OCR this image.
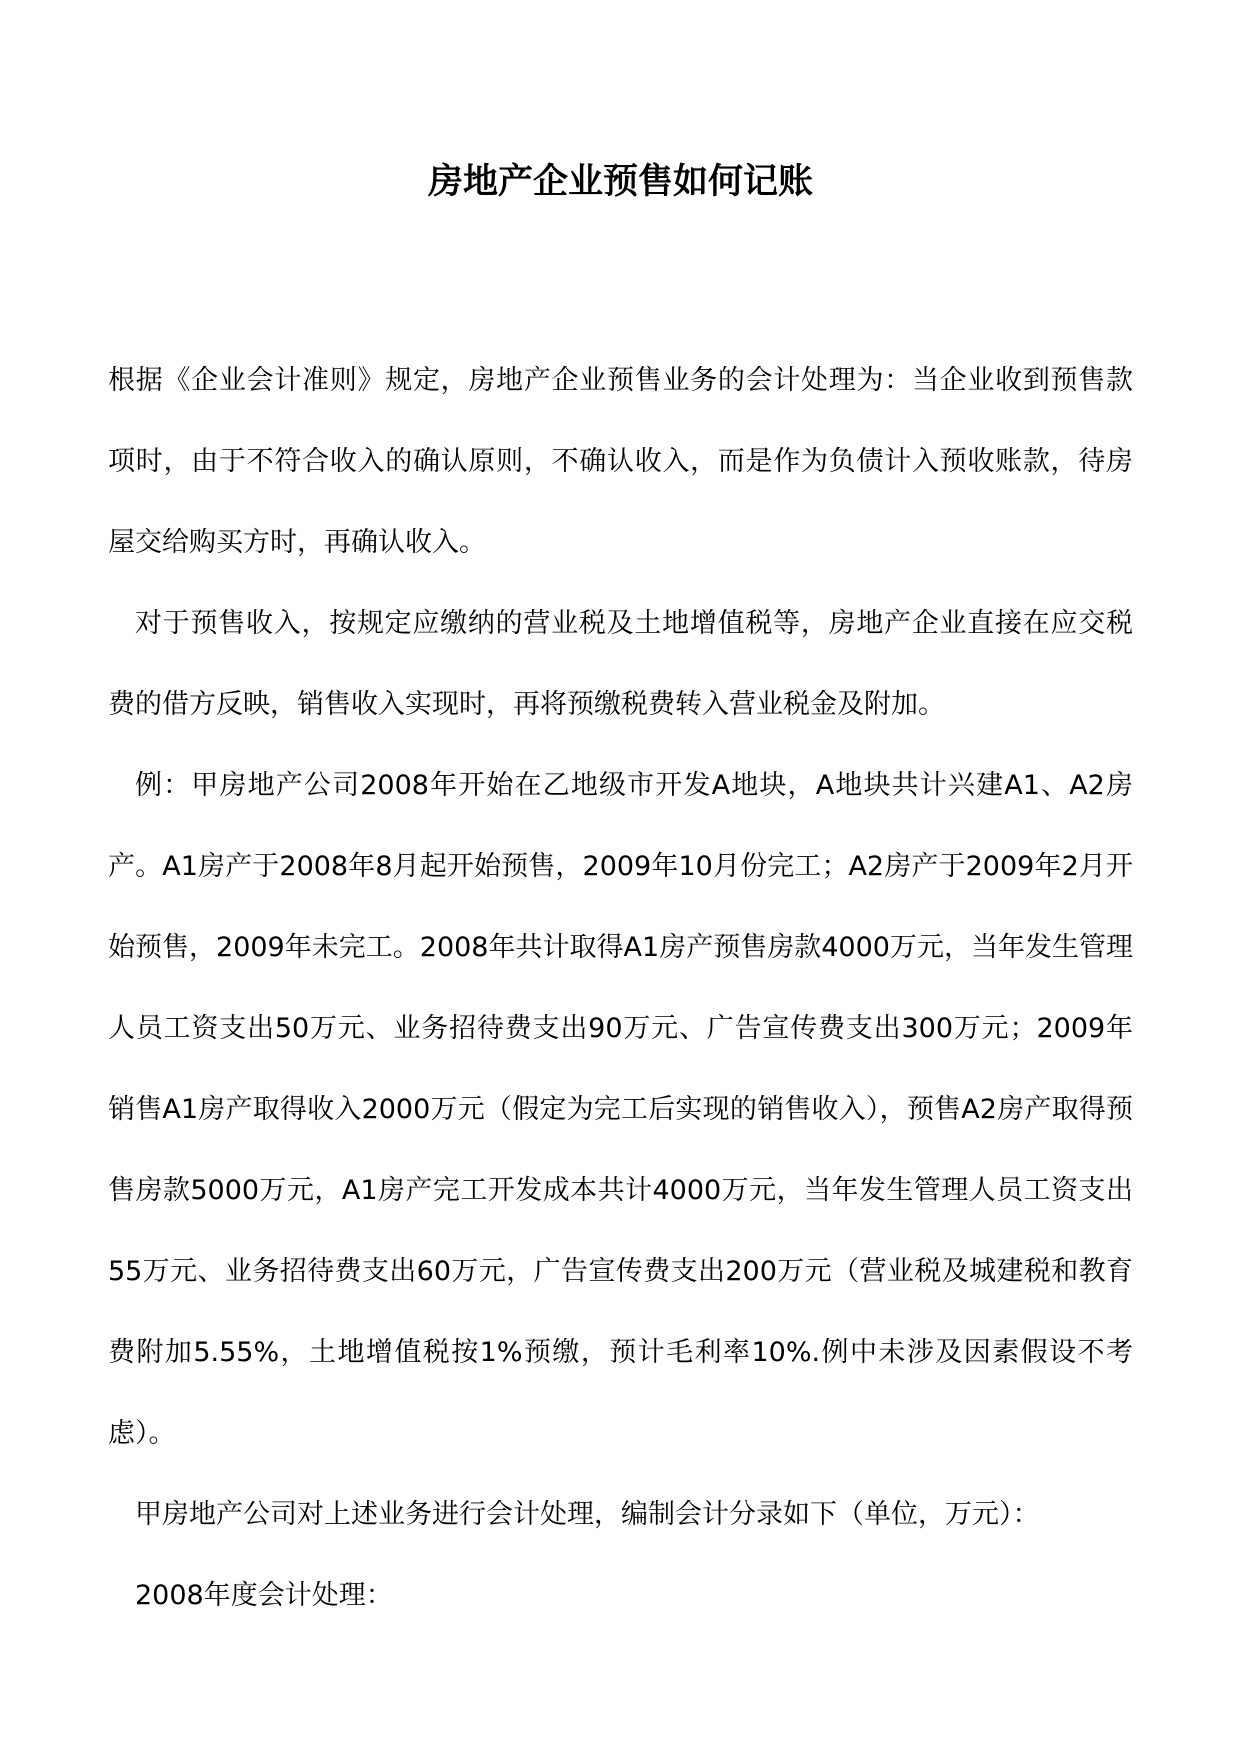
房地产企业预售如何记账

根据《企业会计准则》规定，房地产企业预售业务的会计处理为：当企业收到预售款项时，由于不符合收入的确认原则，不确认收入，而是作为负债计入预收账款，待房屋交给购买方时，再确认收入。

对于预售收入，按规定应缴纳的营业税及土地增值税等，房地产企业直接在应交税费的借方反映，销售收入实现时，再将预缴税费转入营业税金及附加。

例：甲房地产公司2008年开始在乙地级市开发A地块，A地块共计兴建A1、A2房产。A1房产于2008年8月起开始预售，2009年10月份完工；A2房产于2009年2月开始预售，2009年未完工。2008年共计取得A1房产预售房款4000万元，当年发生管理人员工资支出50万元、业务招待费支出90万元、广告宣传费支出300万元；2009年销售A1房产取得收入2000万元（假定为完工后实现的销售收入），预售A2房产取得预售房款5000万元，A1房产完工开发成本共计4000万元，当年发生管理人员工资支出55万元、业务招待费支出60万元，广告宣传费支出200万元（营业税及城建税和教育费附加5.55%，土地增值税按1%预缴，预计毛利率10%.例中未涉及因素假设不考虑）。

甲房地产公司对上述业务进行会计处理，编制会计分录如下（单位，万元）：

2008年度会计处理：
